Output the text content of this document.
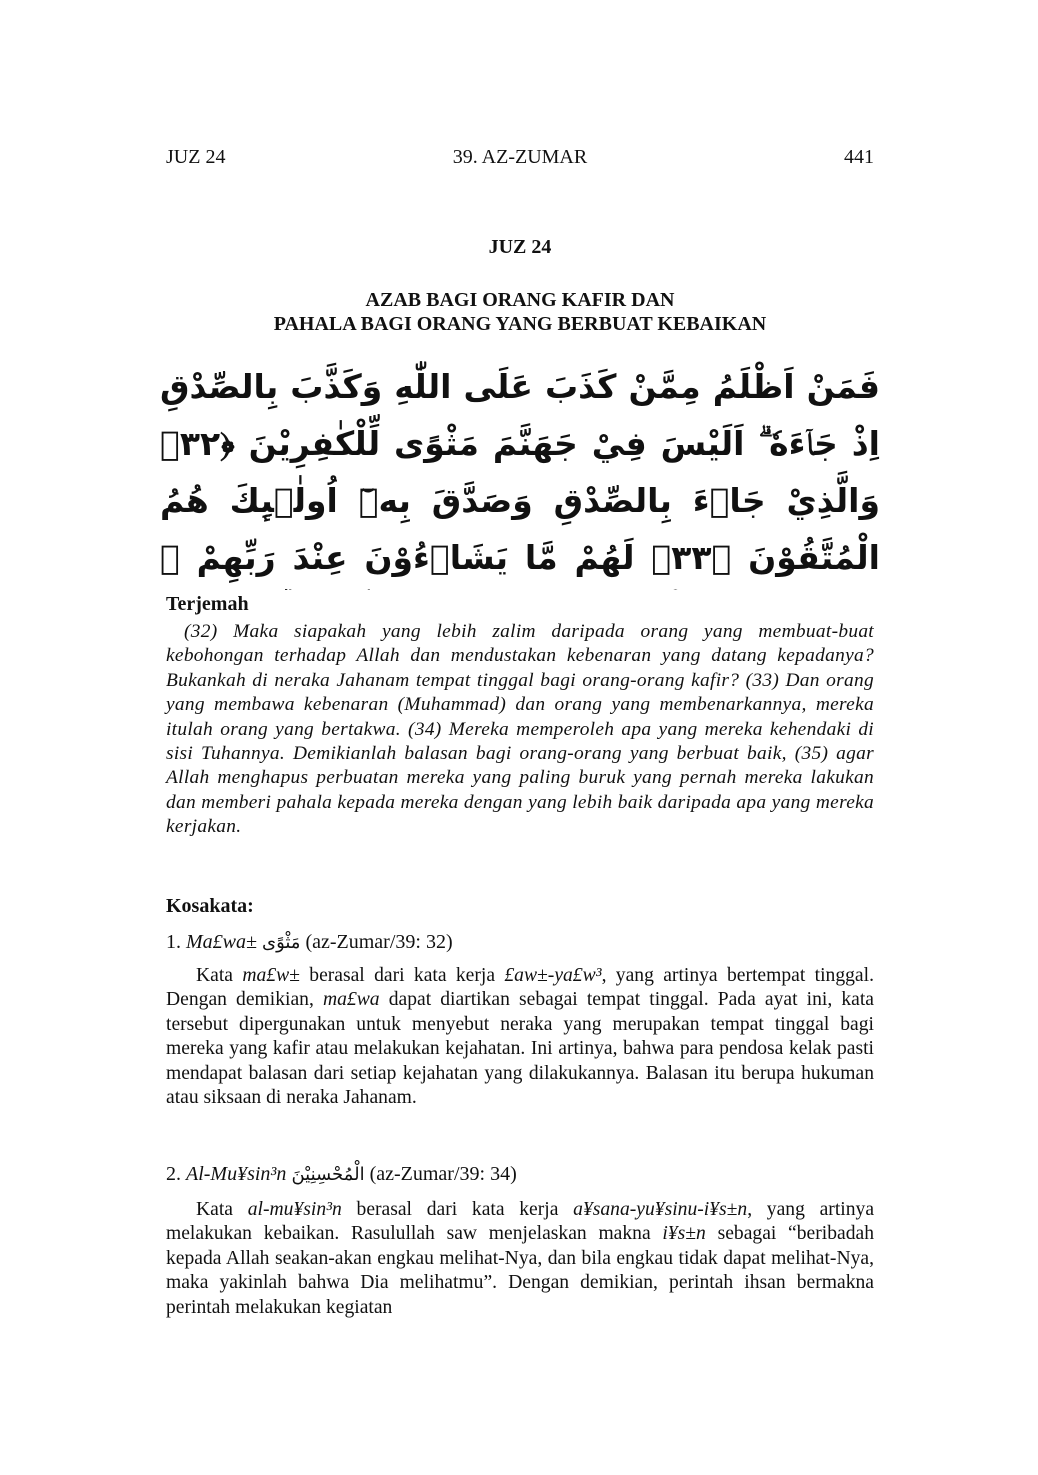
JUZ 24	39. AZ-ZUMAR	441
JUZ 24
AZAB BAGI ORANG KAFIR DAN
PAHALA BAGI ORANG YANG BERBUAT KEBAIKAN
فَمَنْ اَظْلَمُ مِمَّنْ كَذَبَ عَلَى اللّٰهِ وَكَذَّبَ بِالصِّدْقِ اِذْ جَاۤءَهٗ ۗ اَلَيْسَ فِيْ جَهَنَّمَ مَثْوًى لِّلْكٰفِرِيْنَ ﴿٣٢﴾ وَالَّذِيْ جَاۤءَ بِالصِّدْقِ وَصَدَّقَ بِهٖٓ اُولٰۤىِٕكَ هُمُ الْمُتَّقُوْنَ ﴿٣٣﴾ لَهُمْ مَّا يَشَاۤءُوْنَ عِنْدَ رَبِّهِمْ ۗ
Terjemah
(32) Maka siapakah yang lebih zalim daripada orang yang membuat-buat kebohongan terhadap Allah dan mendustakan kebenaran yang datang kepadanya? Bukankah di neraka Jahanam tempat tinggal bagi orang-orang kafir? (33) Dan orang yang membawa kebenaran (Muhammad) dan orang yang membenarkannya, mereka itulah orang yang bertakwa. (34) Mereka memperoleh apa yang mereka kehendaki di sisi Tuhannya. Demikianlah balasan bagi orang-orang yang berbuat baik, (35) agar Allah menghapus perbuatan mereka yang paling buruk yang pernah mereka lakukan dan memberi pahala kepada mereka dengan yang lebih baik daripada apa yang mereka kerjakan.
Kosakata:
1. Ma£wa± مَثْوًى (az-Zumar/39: 32)
Kata ma£w± berasal dari kata kerja £aw±-ya£w³, yang artinya bertempat tinggal. Dengan demikian, ma£wa dapat diartikan sebagai tempat tinggal. Pada ayat ini, kata tersebut dipergunakan untuk menyebut neraka yang merupakan tempat tinggal bagi mereka yang kafir atau melakukan kejahatan. Ini artinya, bahwa para pendosa kelak pasti mendapat balasan dari setiap kejahatan yang dilakukannya. Balasan itu berupa hukuman atau siksaan di neraka Jahanam.
2. Al-Mu¥sin³n الْمُحْسِنِيْنَ (az-Zumar/39: 34)
Kata al-mu¥sin³n berasal dari kata kerja a¥sana-yu¥sinu-i¥s±n, yang artinya melakukan kebaikan. Rasulullah saw menjelaskan makna i¥s±n sebagai “beribadah kepada Allah seakan-akan engkau melihat-Nya, dan bila engkau tidak dapat melihat-Nya, maka yakinlah bahwa Dia melihatmu”. Dengan demikian, perintah ihsan bermakna perintah melakukan kegiatan
